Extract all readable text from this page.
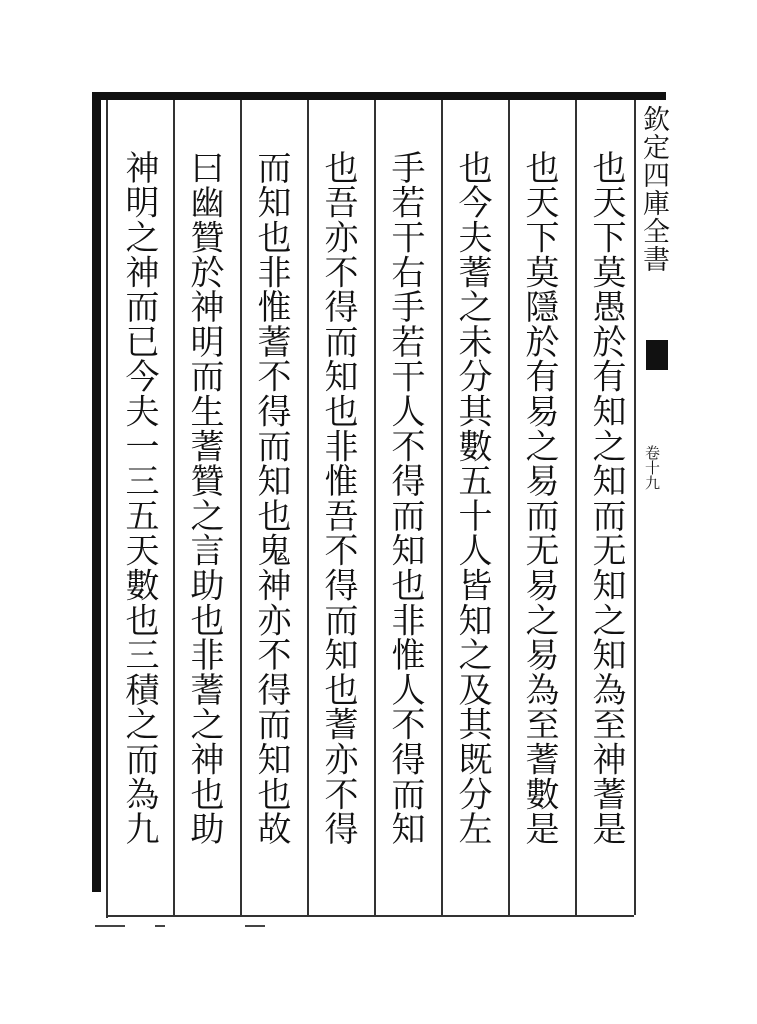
也天下莫愚於有知之知而无知之知為至神蓍是
也天下莫隱於有易之易而无易之易為至蓍數是
也今夫蓍之未分其數五十人皆知之及其既分左
手若干右手若干人不得而知也非惟人不得而知
也吾亦不得而知也非惟吾不得而知也蓍亦不得
而知也非惟蓍不得而知也鬼神亦不得而知也故
曰幽贊於神明而生蓍贊之言助也非蓍之神也助
神明之神而已今夫一三五天數也三積之而為九	欽定四庫全書
卷十九
